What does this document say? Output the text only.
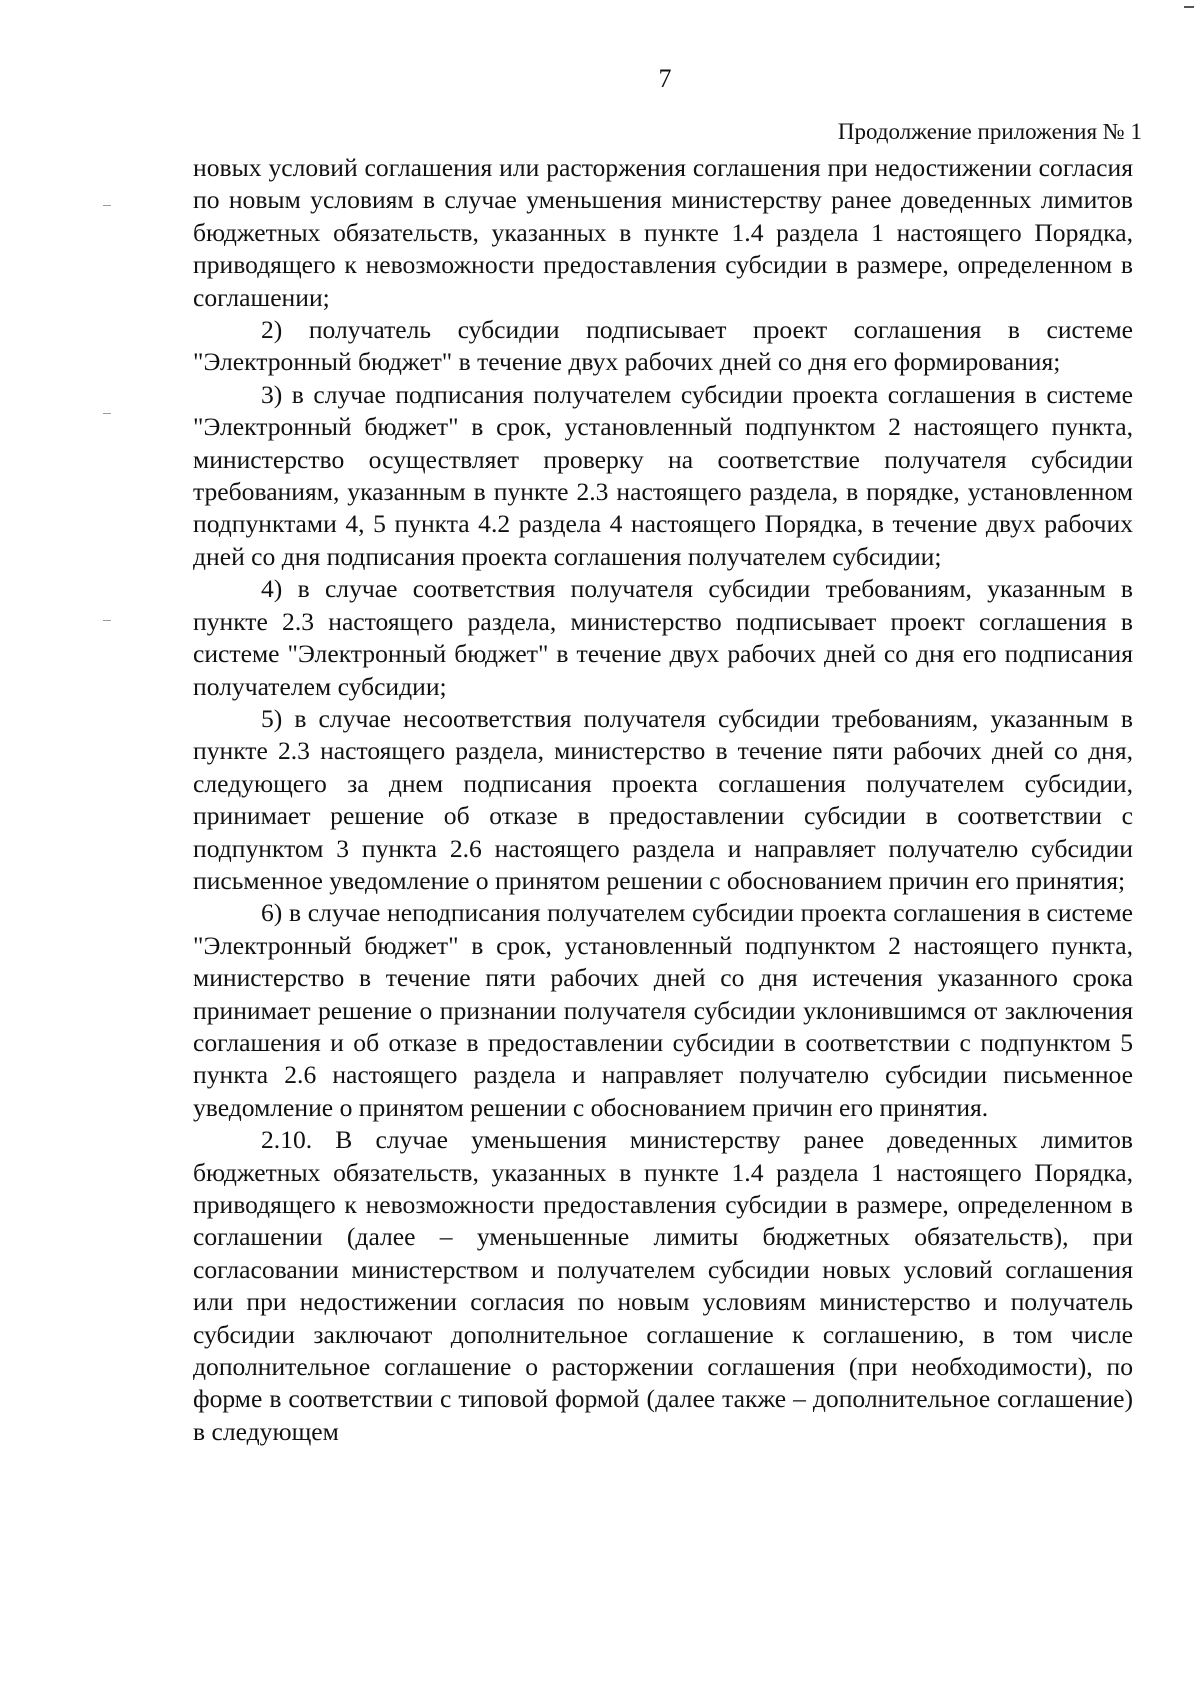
7
Продолжение приложения № 1

новых условий соглашения или расторжения соглашения при недостижении согласия по новым условиям в случае уменьшения министерству ранее доведенных лимитов бюджетных обязательств, указанных в пункте 1.4 раздела 1 настоящего Порядка, приводящего к невозможности предоставления субсидии в размере, определенном в соглашении;

2) получатель субсидии подписывает проект соглашения в системе "Электронный бюджет" в течение двух рабочих дней со дня его формирования;

3) в случае подписания получателем субсидии проекта соглашения в системе "Электронный бюджет" в срок, установленный подпунктом 2 настоящего пункта, министерство осуществляет проверку на соответствие получателя субсидии требованиям, указанным в пункте 2.3 настоящего раздела, в порядке, установленном подпунктами 4, 5 пункта 4.2 раздела 4 настоящего Порядка, в течение двух рабочих дней со дня подписания проекта соглашения получателем субсидии;

4) в случае соответствия получателя субсидии требованиям, указанным в пункте 2.3 настоящего раздела, министерство подписывает проект соглашения в системе "Электронный бюджет" в течение двух рабочих дней со дня его подписания получателем субсидии;

5) в случае несоответствия получателя субсидии требованиям, указанным в пункте 2.3 настоящего раздела, министерство в течение пяти рабочих дней со дня, следующего за днем подписания проекта соглашения получателем субсидии, принимает решение об отказе в предоставлении субсидии в соответствии с подпунктом 3 пункта 2.6 настоящего раздела и направляет получателю субсидии письменное уведомление о принятом решении с обоснованием причин его принятия;

6) в случае неподписания получателем субсидии проекта соглашения в системе "Электронный бюджет" в срок, установленный подпунктом 2 настоящего пункта, министерство в течение пяти рабочих дней со дня истечения указанного срока принимает решение о признании получателя субсидии уклонившимся от заключения соглашения и об отказе в предоставлении субсидии в соответствии с подпунктом 5 пункта 2.6 настоящего раздела и направляет получателю субсидии письменное уведомление о принятом решении с обоснованием причин его принятия.

2.10. В случае уменьшения министерству ранее доведенных лимитов бюджетных обязательств, указанных в пункте 1.4 раздела 1 настоящего Порядка, приводящего к невозможности предоставления субсидии в размере, определенном в соглашении (далее – уменьшенные лимиты бюджетных обязательств), при согласовании министерством и получателем субсидии новых условий соглашения или при недостижении согласия по новым условиям министерство и получатель субсидии заключают дополнительное соглашение к соглашению, в том числе дополнительное соглашение о расторжении соглашения (при необходимости), по форме в соответствии с типовой формой (далее также – дополнительное соглашение) в следующем
